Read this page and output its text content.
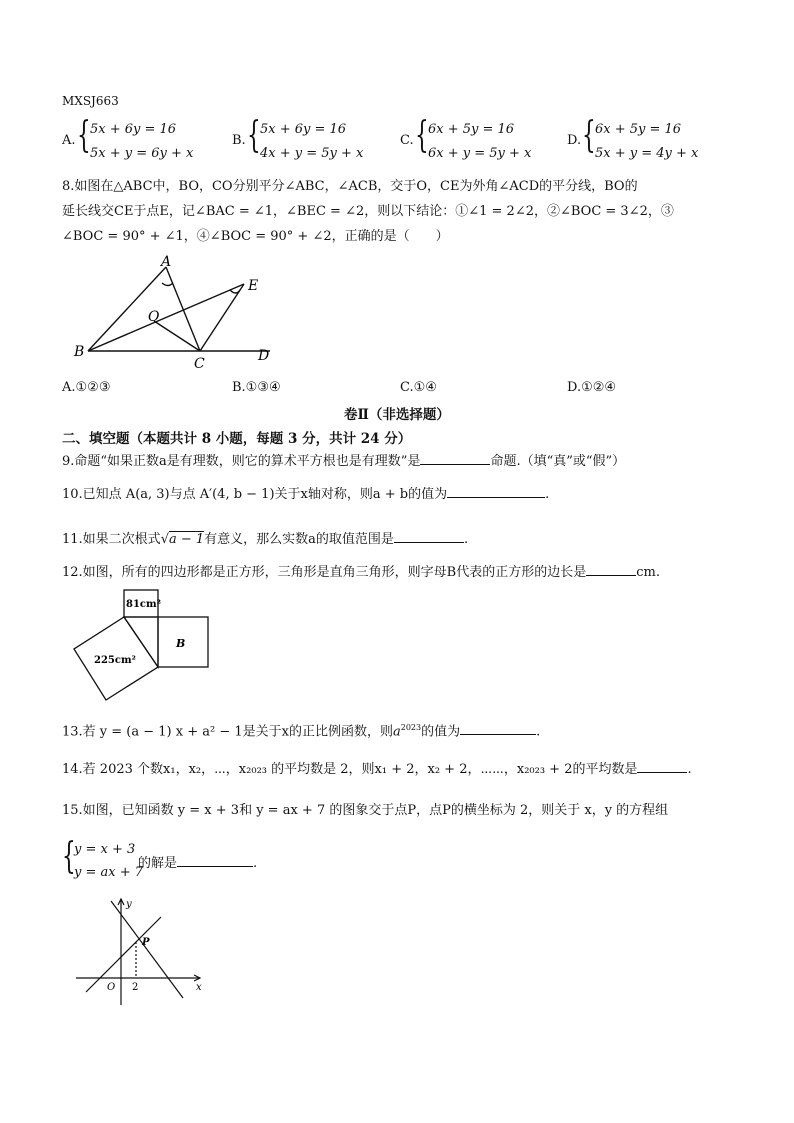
MXSJ663
A. { 5x + 6y = 16
5x + y = 6y + x
B. { 5x + 6y = 16
4x + y = 5y + x
C. { 6x + 5y = 16
6x + y = 5y + x
D. { 6x + 5y = 16
5x + y = 4y + x
8.如图在△ABC中，BO，CO分别平分∠ABC，∠ACB，交于O，CE为外角∠ACD的平分线，BO的
延长线交CE于点E，记∠BAC = ∠1，∠BEC = ∠2，则以下结论：①∠1 = 2∠2，②∠BOC = 3∠2，③
∠BOC = 90° + ∠1，④∠BOC = 90° + ∠2，正确的是（　　）
A
E
O
B
C	D
A.①②③	B.①③④	C.①④	D.①②④
卷Ⅱ（非选择题）
二、填空题（本题共计 8 小题，每题 3 分，共计 24 分）
9.命题“如果正数a是有理数，则它的算术平方根也是有理数”是	命题.（填“真”或“假”）
10.已知点 A(a, 3)与点 A′(4, b − 1)关于x轴对称，则a + b的值为	.
11.如果二次根式√a − 1有意义，那么实数a的取值范围是	.
12.如图，所有的四边形都是正方形，三角形是直角三角形，则字母B代表的正方形的边长是	cm.
81cm²
225cm²
B
13.若 y = (a − 1) x + a² − 1是关于x的正比例函数，则$a^{2023}$的值为	.
14.若 2023 个数x₁，x₂，⋯，x₂₀₂₃ 的平均数是 2，则x₁ + 2，x₂ + 2，⋯⋯，x₂₀₂₃ + 2的平均数是	.
15.如图，已知函数 y = x + 3和 y = ax + 7 的图象交于点P，点P的横坐标为 2，则关于 x，y 的方程组
{
y = x + 3
y = ax + 7
的解是	.
y
x
O 2
P
